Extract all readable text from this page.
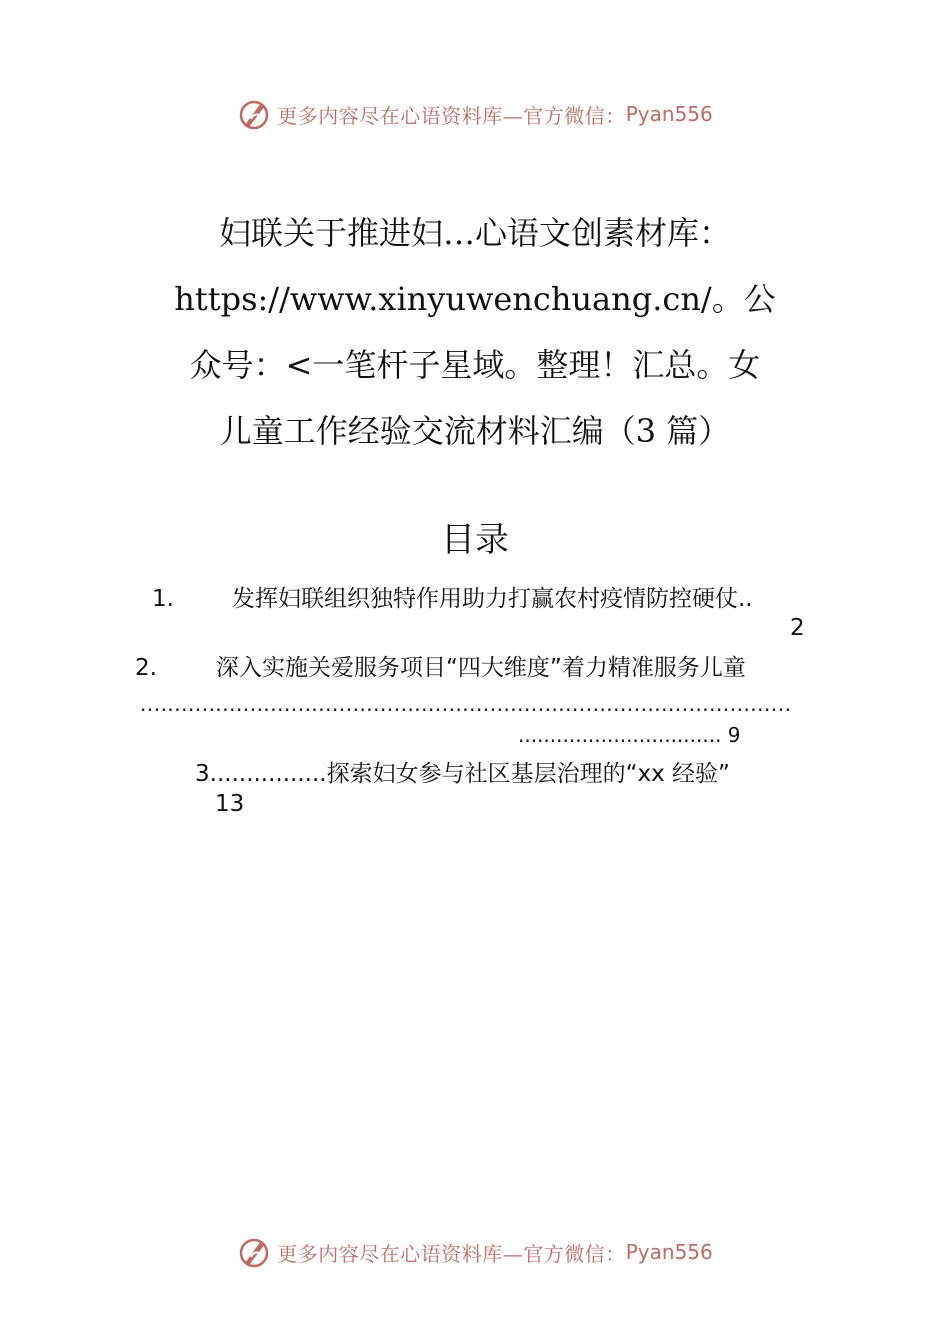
更多内容尽在心语资料库—官方微信： Pyan556
妇联关于推进妇…心语文创素材库：
https://www.xinyuwenchuang.cn/。公
众号：<一笔杆子星域。整理！汇总。女
儿童工作经验交流材料汇编（3 篇）
目录
1.	发挥妇联组织独特作用助力打赢农村疫情防控硬仗..
2
2.	深入实施关爱服务项目“四大维度”着力精准服务儿童
...............................................................................................
................................ 9
3................探索妇女参与社区基层治理的“xx 经验”
13
更多内容尽在心语资料库—官方微信： Pyan556
